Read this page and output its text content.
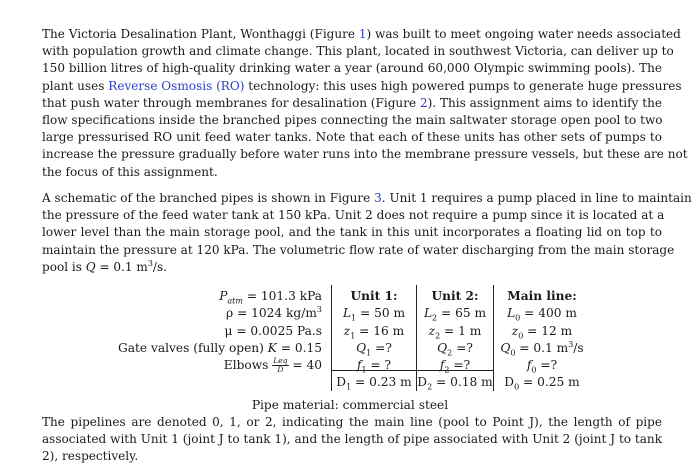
The Victoria Desalination Plant, Wonthaggi (Figure 1) was built to meet ongoing water needs associated
with population growth and climate change. This plant, located in southwest Victoria, can deliver up to
150 billion litres of high-quality drinking water a year (around 60,000 Olympic swimming pools). The
plant uses Reverse Osmosis (RO) technology: this uses high powered pumps to generate huge pressures
that push water through membranes for desalination (Figure 2). This assignment aims to identify the
flow specifications inside the branched pipes connecting the main saltwater storage open pool to two
large pressurised RO unit feed water tanks. Note that each of these units has other sets of pumps to
increase the pressure gradually before water runs into the membrane pressure vessels, but these are not
the focus of this assignment.
A schematic of the branched pipes is shown in Figure 3. Unit 1 requires a pump placed in line to maintain
the pressure of the feed water tank at 150 kPa. Unit 2 does not require a pump since it is located at a
lower level than the main storage pool, and the tank in this unit incorporates a floating lid on top to
maintain the pressure at 120 kPa. The volumetric flow rate of water discharging from the main storage
pool is Q = 0.1 $m^3/s$.
$P_{atm} = 101.3$ kPa
ρ = 1024 $kg/m^3$
μ = 0.0025 Pa.s
Gate valves (fully open) K = 0.15
Elbows $\frac{\text{Leq}}{D} = 40$
Unit 1:
$L_1 = 50$ m
$z_1 = 16$ m
$Q_1$ =?
$f_1$ = ?
$D_1 = 0.23$ m
Unit 2:
$L_2 = 65$ m
$z_2 = 1$ m
$Q_2$ =?
$f_2$ =?
$D_2 = 0.18$ m
Main line:
$L_0 = 400$ m
$z_0 = 12$ m
$Q_0 = 0.1$ $m^3/s$
$f_0$ =?
$D_0 = 0.25$ m
Pipe material: commercial steel
The pipelines are denoted 0, 1, or 2, indicating the main line (pool to Point J), the length of pipe
associated with Unit 1 (joint J to tank 1), and the length of pipe associated with Unit 2 (joint J to tank
2), respectively.
